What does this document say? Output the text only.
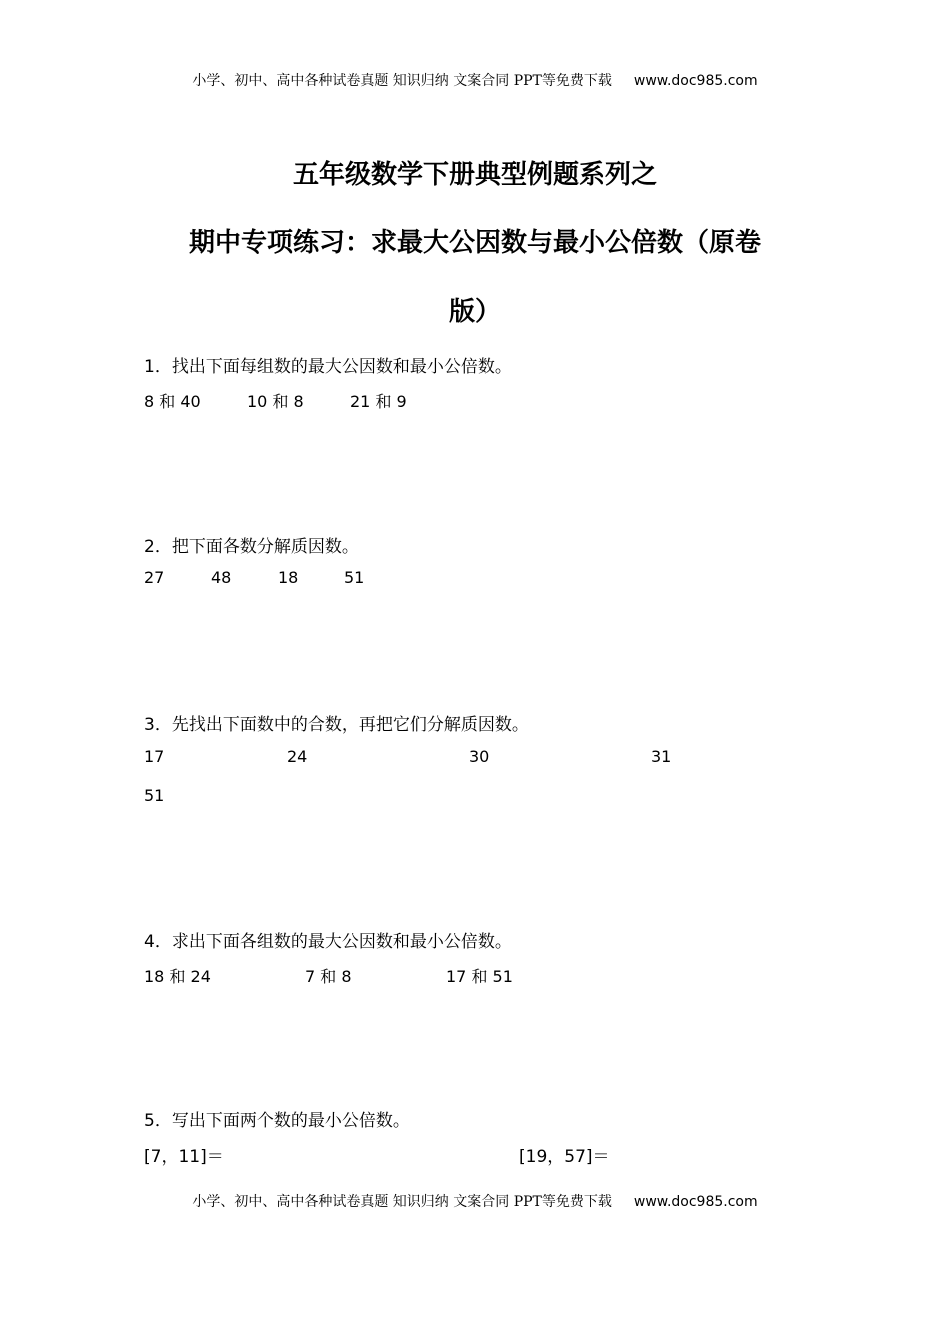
小学、初中、高中各种试卷真题 知识归纳 文案合同 PPT等免费下载 www.doc985.com
五年级数学下册典型例题系列之
期中专项练习：求最大公因数与最小公倍数（原卷
版）
1．找出下面每组数的最大公因数和最小公倍数。
8 和 40	10 和 8	21 和 9
2．把下面各数分解质因数。
27	48	18	51
3．先找出下面数中的合数，再把它们分解质因数。
17	24	30	31
51
4．求出下面各组数的最大公因数和最小公倍数。
18 和 24	7 和 8	17 和 51
5．写出下面两个数的最小公倍数。
[7，11]＝	[19，57]＝
小学、初中、高中各种试卷真题 知识归纳 文案合同 PPT等免费下载 www.doc985.com
